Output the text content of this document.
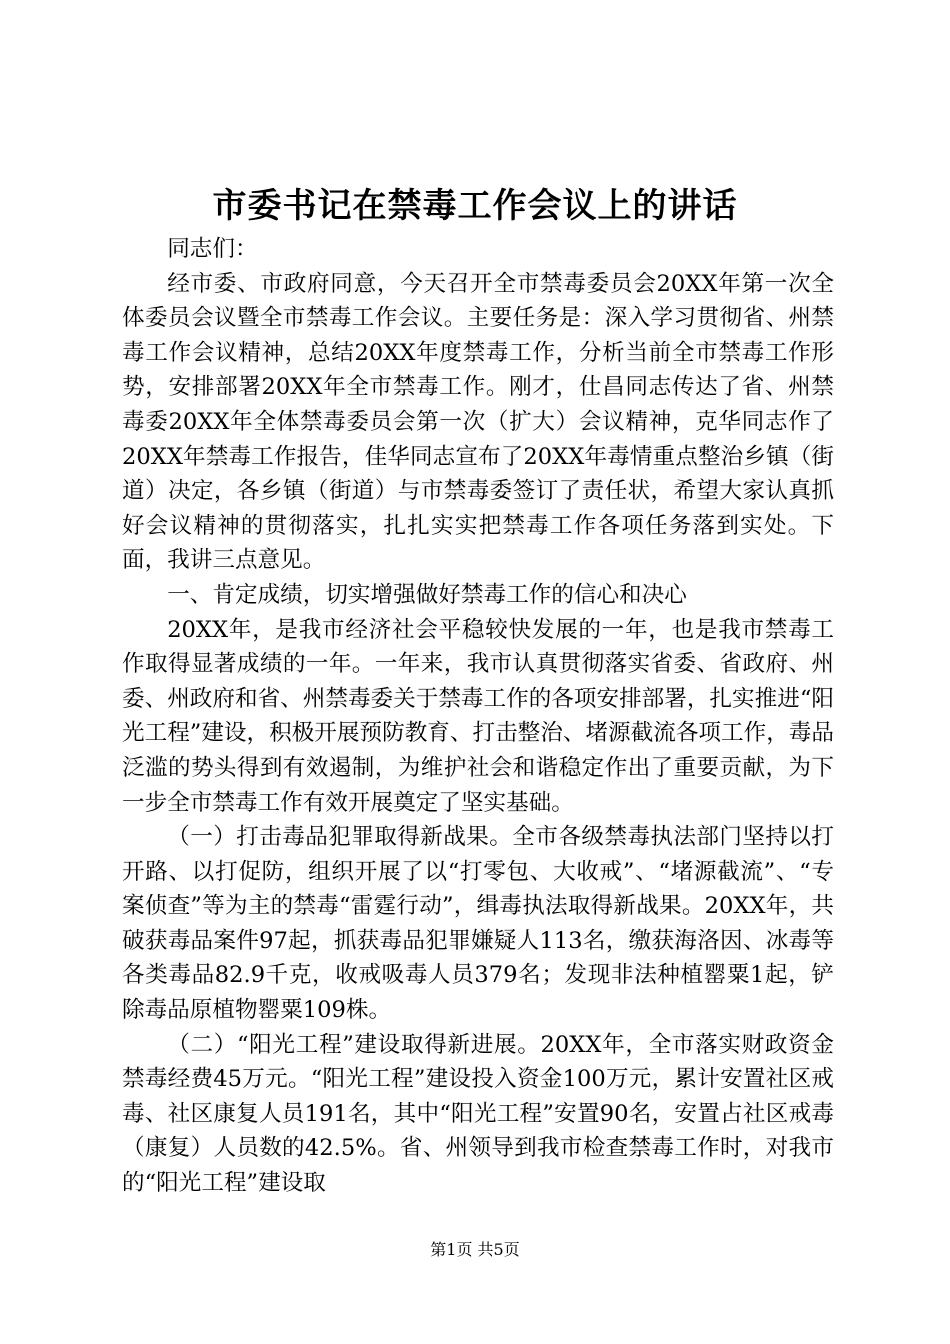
市委书记在禁毒工作会议上的讲话

同志们：

经市委、市政府同意，今天召开全市禁毒委员会20XX年第一次全体委员会议暨全市禁毒工作会议。主要任务是：深入学习贯彻省、州禁毒工作会议精神，总结20XX年度禁毒工作，分析当前全市禁毒工作形势，安排部署20XX年全市禁毒工作。刚才，仕昌同志传达了省、州禁毒委20XX年全体禁毒委员会第一次（扩大）会议精神，克华同志作了20XX年禁毒工作报告，佳华同志宣布了20XX年毒情重点整治乡镇（街道）决定，各乡镇（街道）与市禁毒委签订了责任状，希望大家认真抓好会议精神的贯彻落实，扎扎实实把禁毒工作各项任务落到实处。下面，我讲三点意见。

一、肯定成绩，切实增强做好禁毒工作的信心和决心

20XX年，是我市经济社会平稳较快发展的一年，也是我市禁毒工作取得显著成绩的一年。一年来，我市认真贯彻落实省委、省政府、州委、州政府和省、州禁毒委关于禁毒工作的各项安排部署，扎实推进“阳光工程”建设，积极开展预防教育、打击整治、堵源截流各项工作，毒品泛滥的势头得到有效遏制，为维护社会和谐稳定作出了重要贡献，为下一步全市禁毒工作有效开展奠定了坚实基础。

（一）打击毒品犯罪取得新战果。全市各级禁毒执法部门坚持以打开路、以打促防，组织开展了以“打零包、大收戒”、“堵源截流”、“专案侦查”等为主的禁毒“雷霆行动”，缉毒执法取得新战果。20XX年，共破获毒品案件97起，抓获毒品犯罪嫌疑人113名，缴获海洛因、冰毒等各类毒品82.9千克，收戒吸毒人员379名；发现非法种植罂粟1起，铲除毒品原植物罂粟109株。

（二）“阳光工程”建设取得新进展。20XX年，全市落实财政资金禁毒经费45万元。“阳光工程”建设投入资金100万元，累计安置社区戒毒、社区康复人员191名，其中“阳光工程”安置90名，安置占社区戒毒（康复）人员数的42.5%。省、州领导到我市检查禁毒工作时，对我市的“阳光工程”建设取

第1页 共5页
